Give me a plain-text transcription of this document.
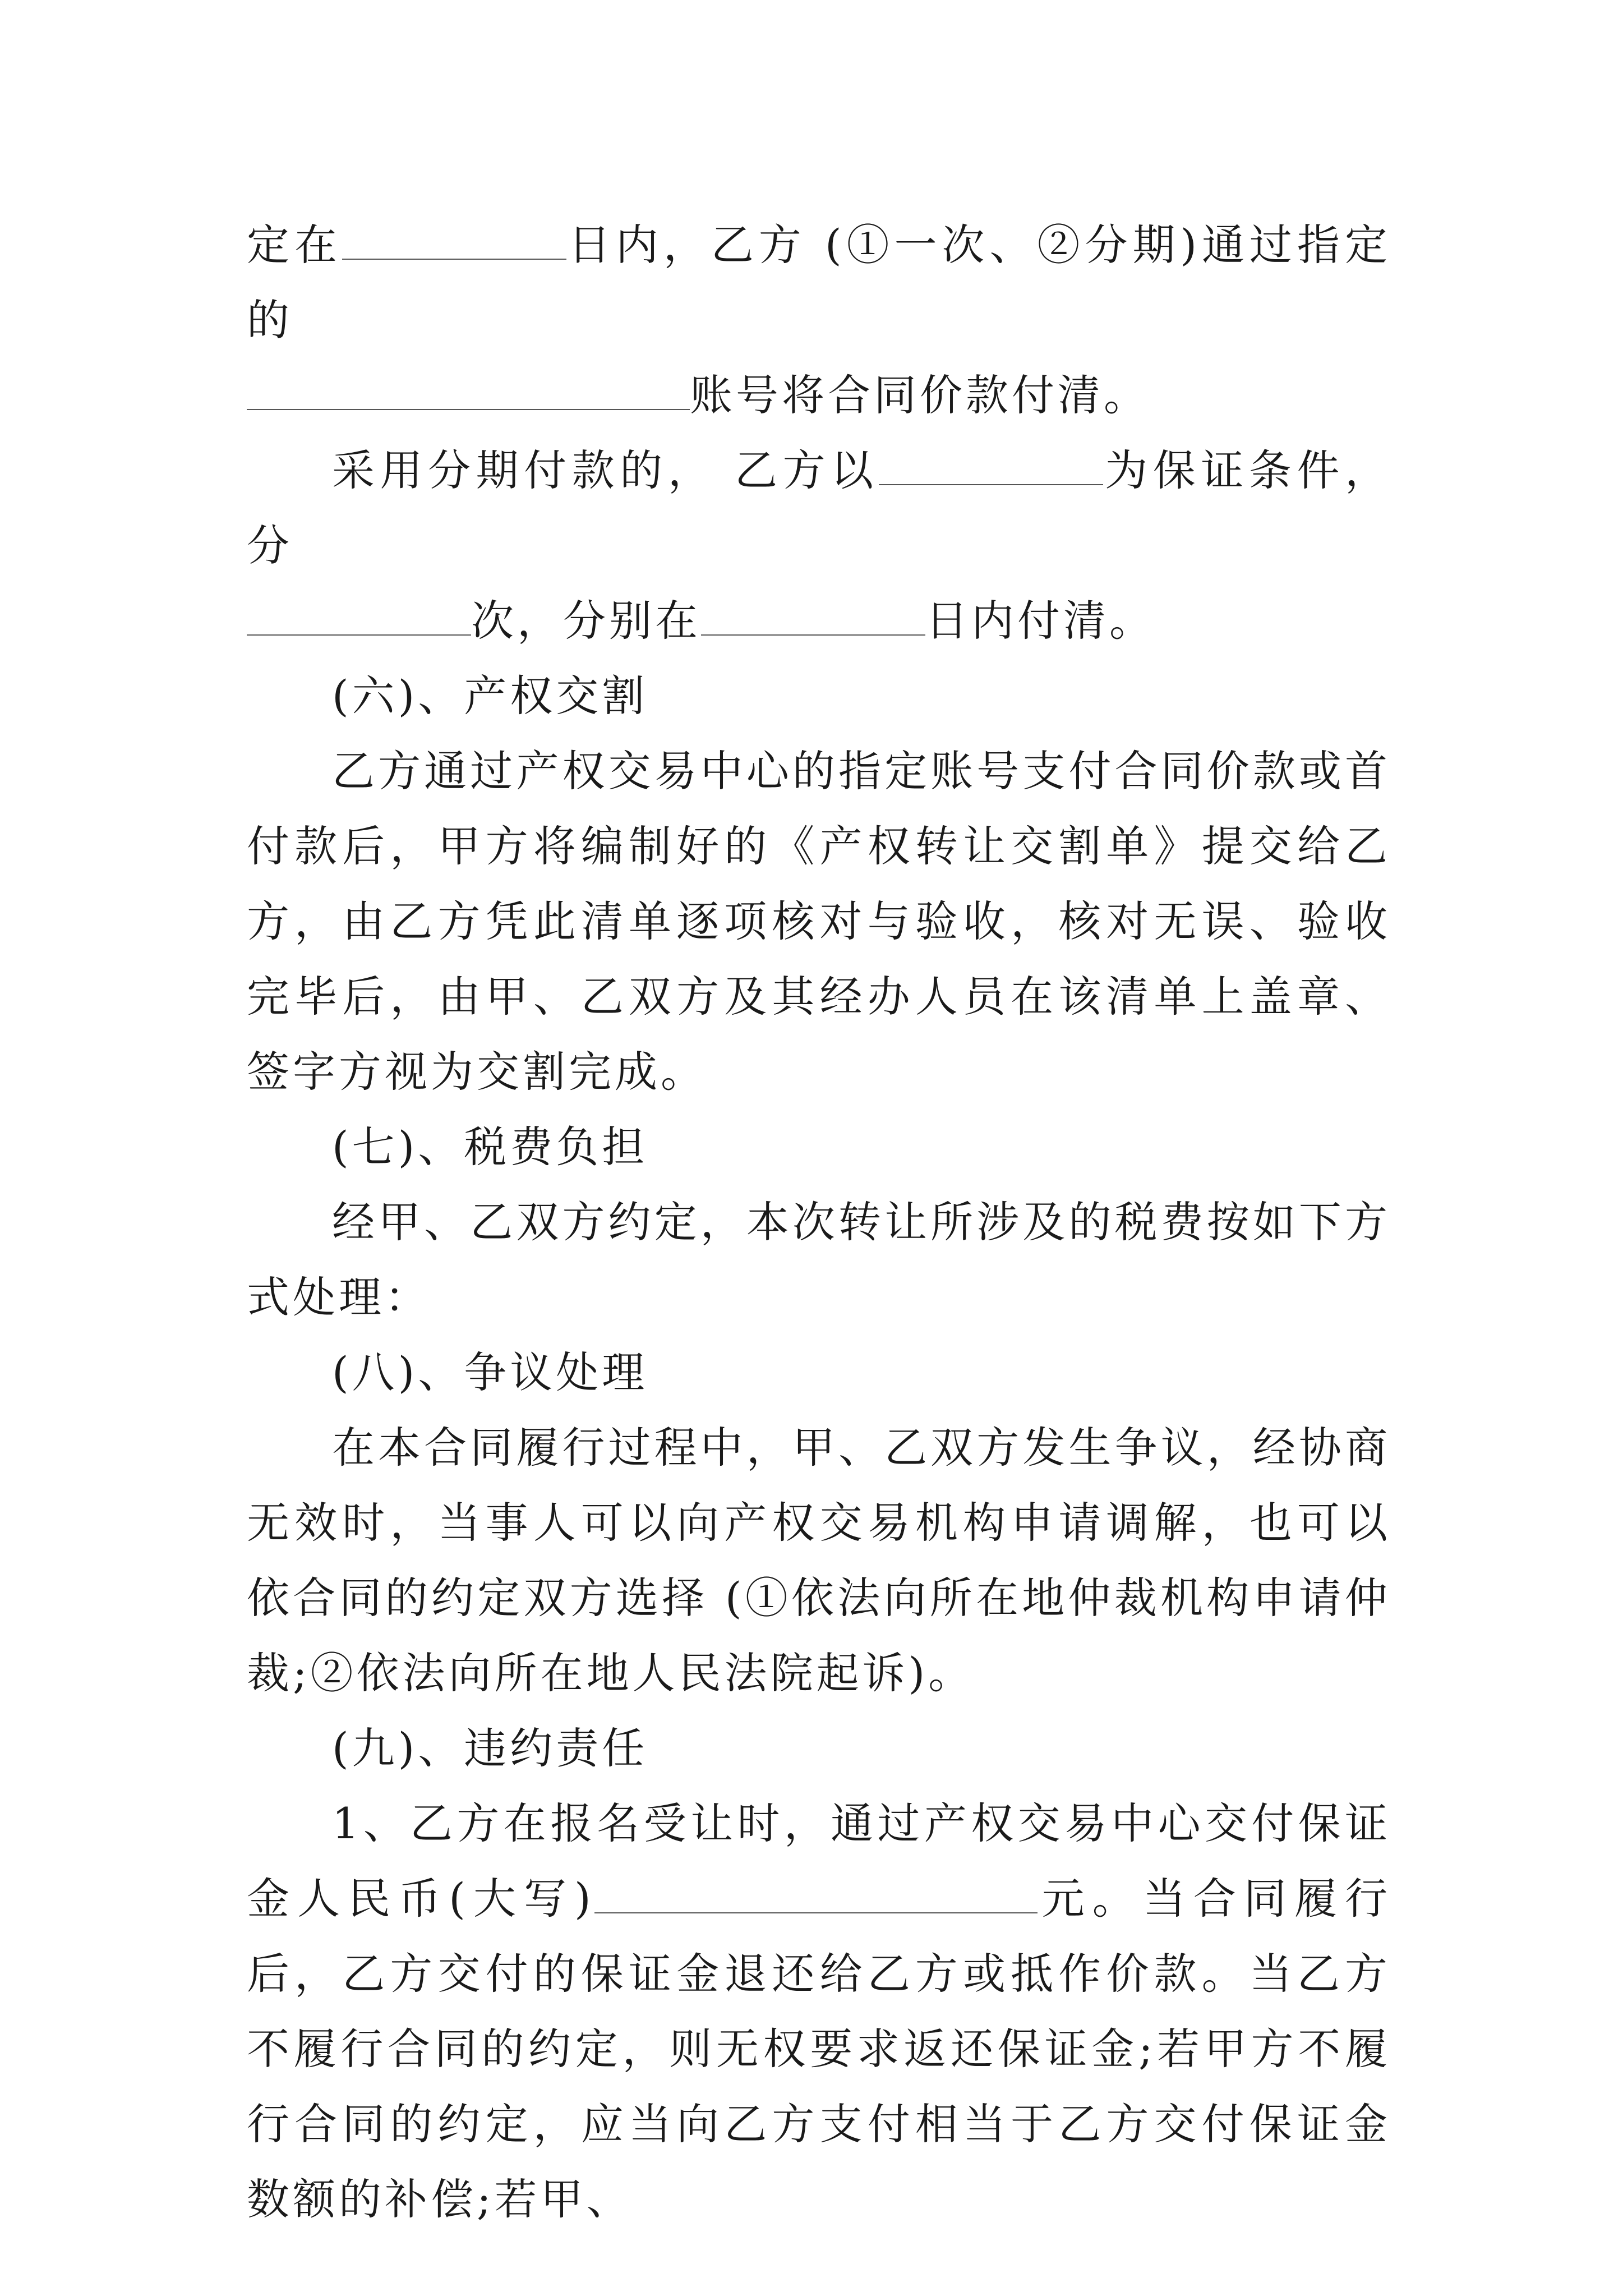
定在	日内，乙方 (①一次、②分期)通过指定的

账号将合同价款付清。

采用分期付款的， 乙方以	为保证条件，分

次，分别在	日内付清。

(六)、产权交割

乙方通过产权交易中心的指定账号支付合同价款或首付款后，甲方将编制好的《产权转让交割单》提交给乙方，由乙方凭此清单逐项核对与验收，核对无误、验收完毕后，由甲、乙双方及其经办人员在该清单上盖章、签字方视为交割完成。

(七)、税费负担

经甲、乙双方约定，本次转让所涉及的税费按如下方式处理：

(八)、争议处理

在本合同履行过程中，甲、乙双方发生争议，经协商无效时，当事人可以向产权交易机构申请调解，也可以依合同的约定双方选择 (①依法向所在地仲裁机构申请仲裁;②依法向所在地人民法院起诉)。

(九)、违约责任

1、乙方在报名受让时，通过产权交易中心交付保证金人民币(大写)	元。当合同履行后，乙方交付的保证金退还给乙方或抵作价款。当乙方不履行合同的约定，则无权要求返还保证金;若甲方不履行合同的约定，应当向乙方支付相当于乙方交付保证金数额的补偿;若甲、
